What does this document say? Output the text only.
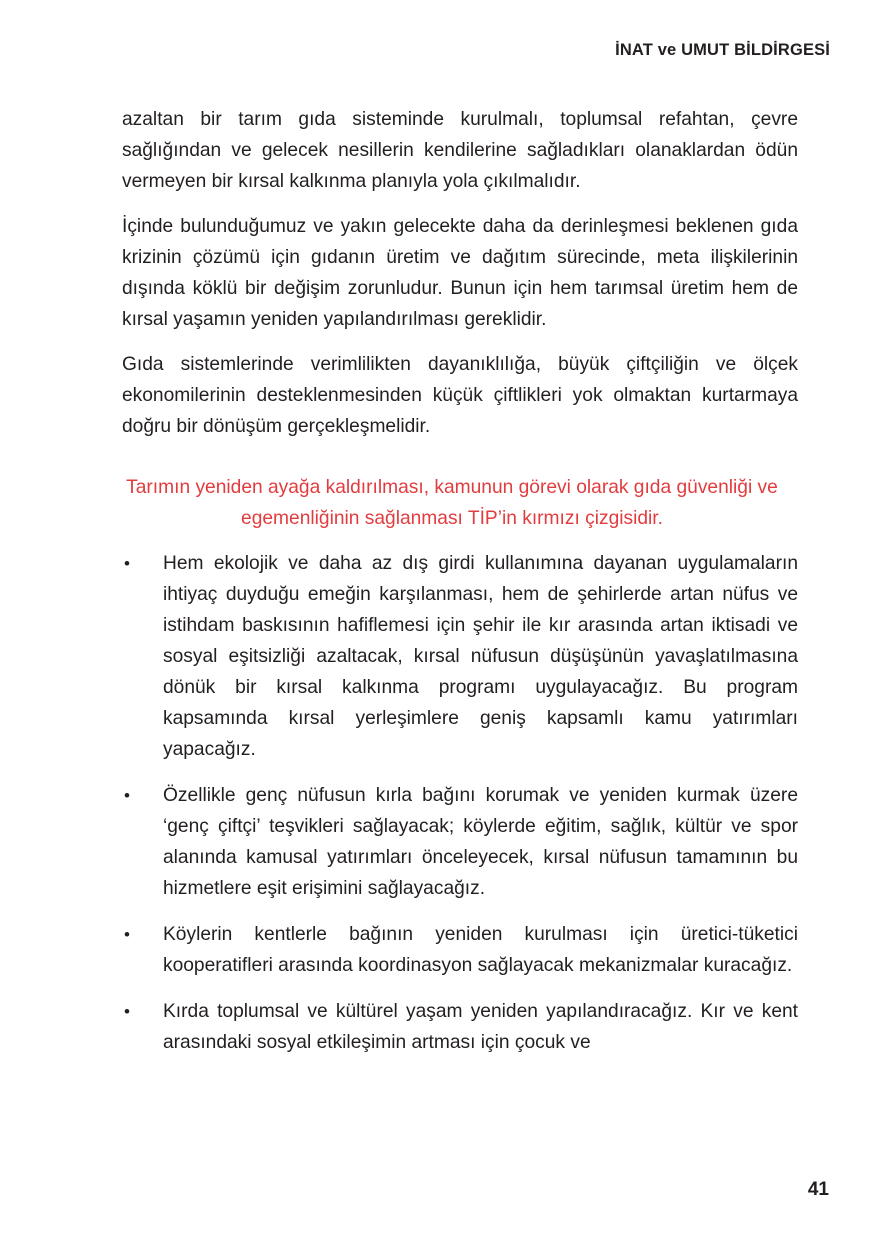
İNAT ve UMUT BİLDİRGESİ

azaltan bir tarım gıda sisteminde kurulmalı, toplumsal refahtan, çevre sağlığından ve gelecek nesillerin kendilerine sağladıkları olanaklardan ödün vermeyen bir kırsal kalkınma planıyla yola çıkılmalıdır.

İçinde bulunduğumuz ve yakın gelecekte daha da derinleşmesi beklenen gıda krizinin çözümü için gıdanın üretim ve dağıtım sürecinde, meta ilişkilerinin dışında köklü bir değişim zorunludur. Bunun için hem tarımsal üretim hem de kırsal yaşamın yeniden yapılandırılması gereklidir.

Gıda sistemlerinde verimlilikten dayanıklılığa, büyük çiftçiliğin ve ölçek ekonomilerinin desteklenmesinden küçük çiftlikleri yok olmaktan kurtarmaya doğru bir dönüşüm gerçekleşmelidir.

Tarımın yeniden ayağa kaldırılması, kamunun görevi olarak gıda güvenliği ve egemenliğinin sağlanması TİP’in kırmızı çizgisidir.
• Hem ekolojik ve daha az dış girdi kullanımına dayanan uygulamaların ihtiyaç duyduğu emeğin karşılanması, hem de şehirlerde artan nüfus ve istihdam baskısının hafiflemesi için şehir ile kır arasında artan iktisadi ve sosyal eşitsizliği azaltacak, kırsal nüfusun düşüşünün yavaşlatılmasına dönük bir kırsal kalkınma programı uygulayacağız. Bu program kapsamında kırsal yerleşimlere geniş kapsamlı kamu yatırımları yapacağız.
• Özellikle genç nüfusun kırla bağını korumak ve yeniden kurmak üzere ‘genç çiftçi’ teşvikleri sağlayacak; köylerde eğitim, sağlık, kültür ve spor alanında kamusal yatırımları önceleyecek, kırsal nüfusun tamamının bu hizmetlere eşit erişimini sağlayacağız.
• Köylerin kentlerle bağının yeniden kurulması için üretici-tüketici kooperatifleri arasında koordinasyon sağlayacak mekanizmalar kuracağız.
• Kırda toplumsal ve kültürel yaşam yeniden yapılandıracağız. Kır ve kent arasındaki sosyal etkileşimin artması için çocuk ve
41
